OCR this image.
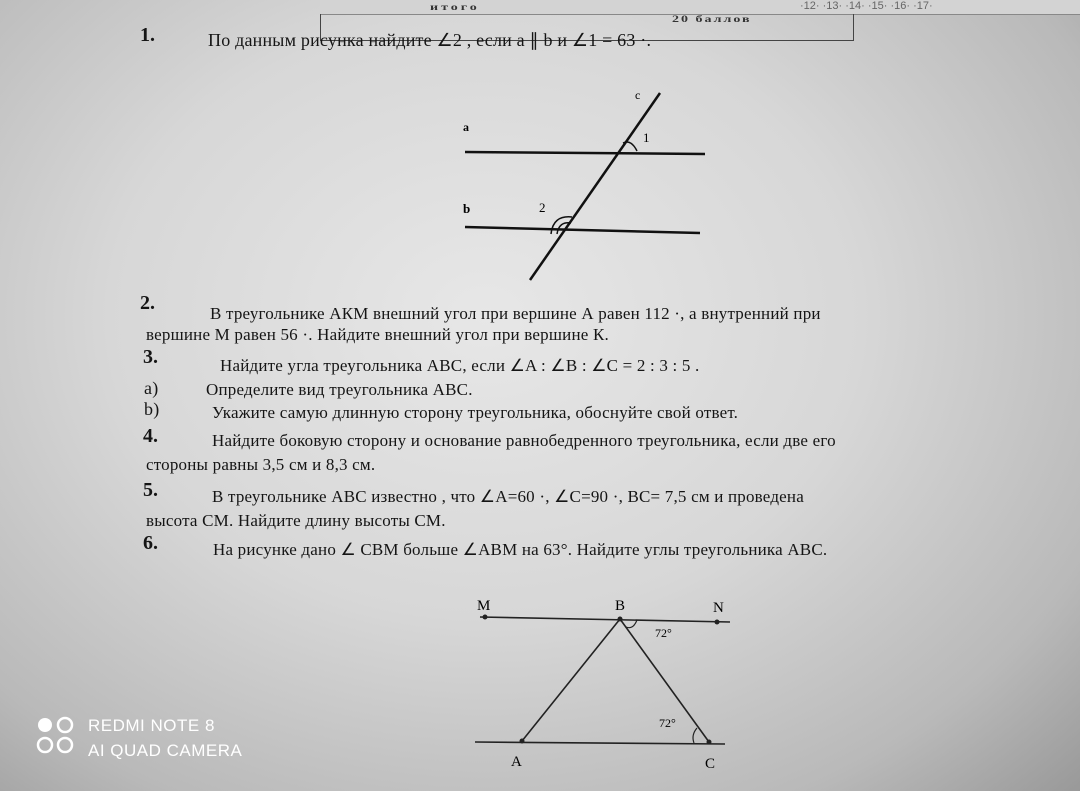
·12· ·13· ·14· ·15· ·16· ·17·
итого
20 баллов
1.	По данным рисунка найдите ∠2 , если a ∥ b и ∠1 = 63 ·.
a
b
c
1
2
2.	В треугольнике АКМ внешний угол при вершине А равен 112 ·, а внутренний при
вершине М равен 56 ·. Найдите внешний угол при вершине К.
3.	Найдите угла треугольника АВС, если ∠A : ∠B : ∠C = 2 : 3 : 5 .
a)	Определите вид треугольника АВС.
b)	Укажите самую длинную сторону треугольника, обоснуйте свой ответ.
4.	Найдите боковую сторону и основание равнобедренного треугольника, если две его
стороны равны 3,5 см и 8,3 см.
5.	В треугольнике АВС известно , что ∠A=60 ·, ∠C=90 ·, BC= 7,5 см и проведена
высота СМ. Найдите длину высоты СМ.
6.	На рисунке дано ∠ CBM больше ∠ABM на 63°. Найдите углы треугольника АВС.
M	B	N
A	C
72°
72°
REDMI NOTE 8
AI QUAD CAMERA
